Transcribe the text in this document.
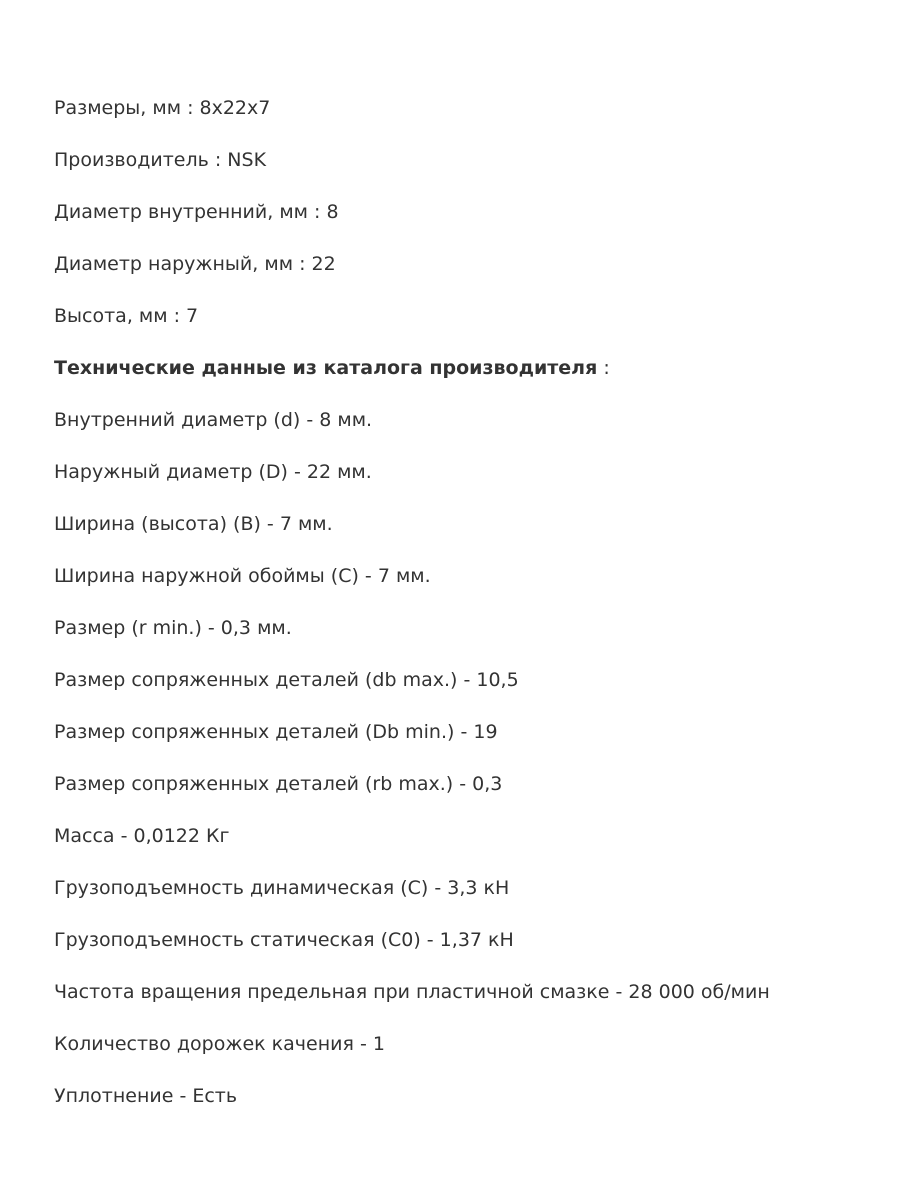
Размеры, мм : 8х22х7
Производитель : NSK
Диаметр внутренний, мм : 8
Диаметр наружный, мм : 22
Высота, мм : 7
Технические данные из каталога производителя :
Внутренний диаметр (d) - 8 мм.
Наружный диаметр (D) - 22 мм.
Ширина (высота) (B) - 7 мм.
Ширина наружной обоймы (C) - 7 мм.
Размер (r min.) - 0,3 мм.
Размер сопряженных деталей (db max.) - 10,5
Размер сопряженных деталей (Db min.) - 19
Размер сопряженных деталей (rb max.) - 0,3
Масса - 0,0122 Кг
Грузоподъемность динамическая (C) - 3,3 кН
Грузоподъемность статическая (C0) - 1,37 кН
Частота вращения предельная при пластичной смазке - 28 000 об/мин
Количество дорожек качения - 1
Уплотнение - Есть
